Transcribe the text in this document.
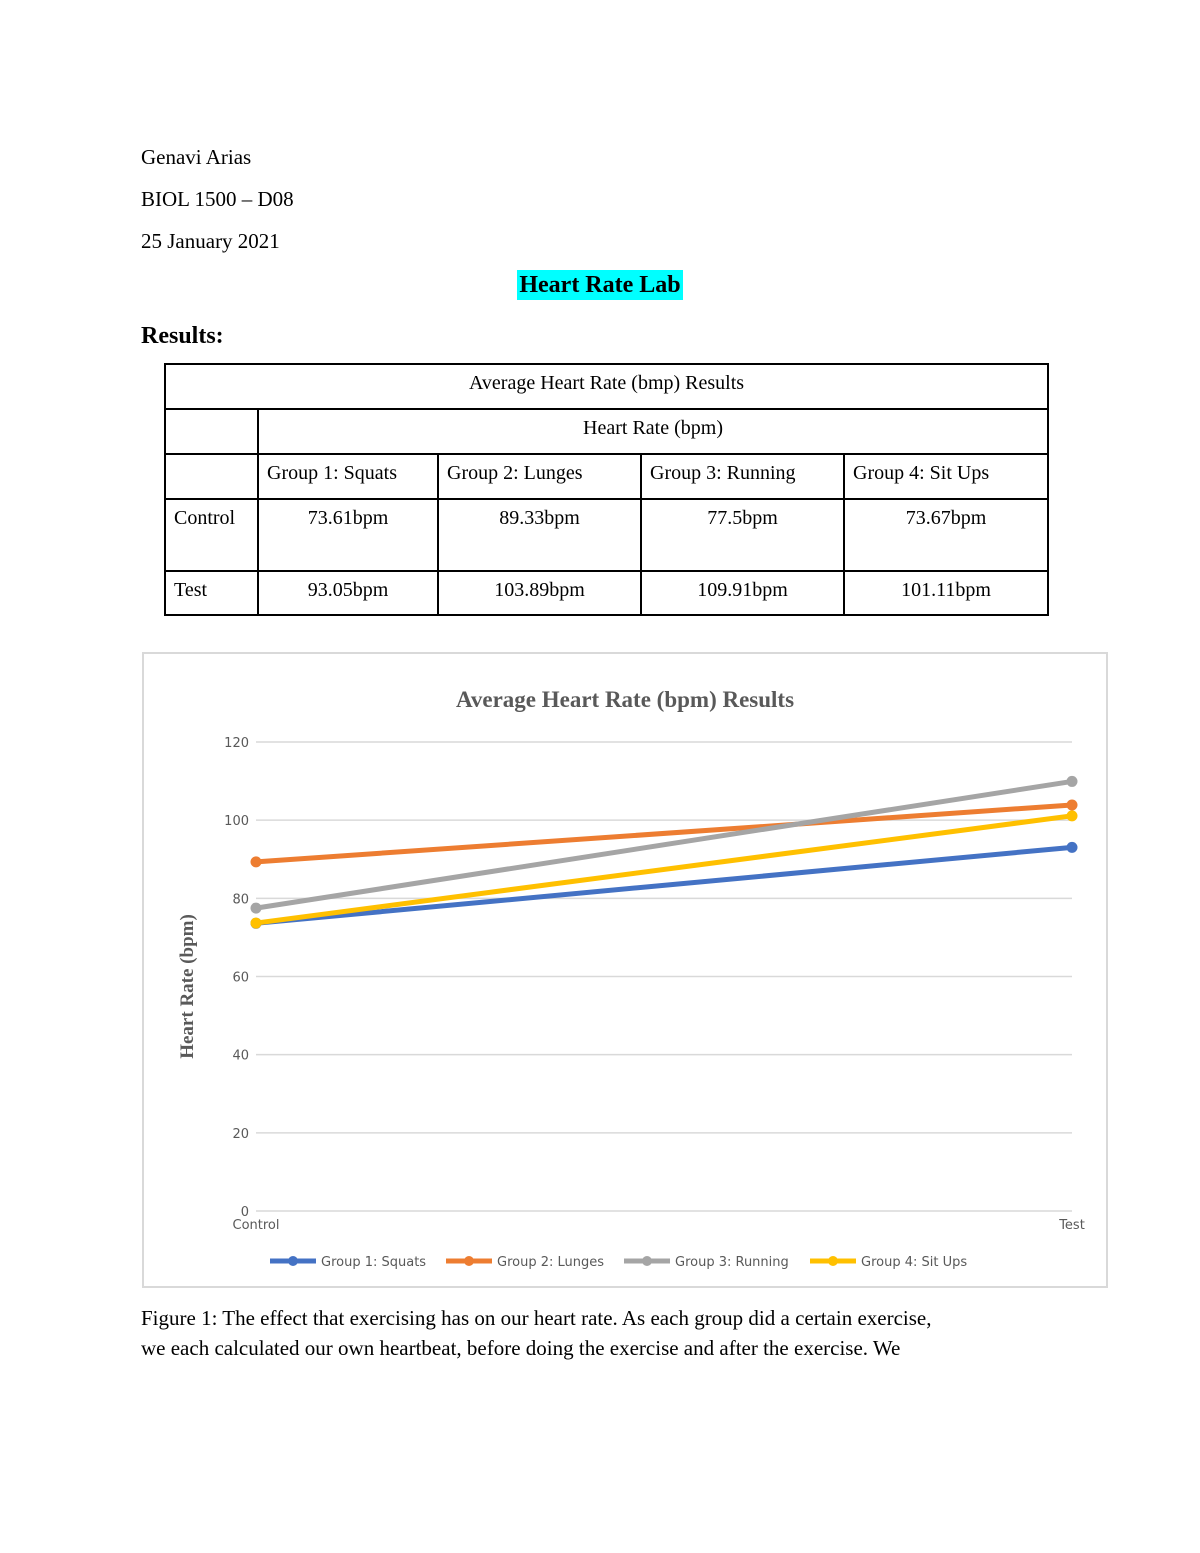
Genavi Arias
BIOL 1500 – D08
25 January 2021
Heart Rate Lab
Results:
Average Heart Rate (bmp) Results				
	Heart Rate (bpm)			
	Group 1: Squats	Group 2: Lunges	Group 3: Running	Group 4: Sit Ups
Control	73.61bpm	89.33bpm	77.5bpm	73.67bpm
Test	93.05bpm	103.89bpm	109.91bpm	101.11bpm
Average Heart Rate (bpm) Results
0
20
40
60
80
100
120
Control	Test
Heart Rate (bpm)
Group 1: Squats	Group 2: Lunges	Group 3: Running	Group 4: Sit Ups
Figure 1: The effect that exercising has on our heart rate. As each group did a certain exercise,
we each calculated our own heartbeat, before doing the exercise and after the exercise. We
